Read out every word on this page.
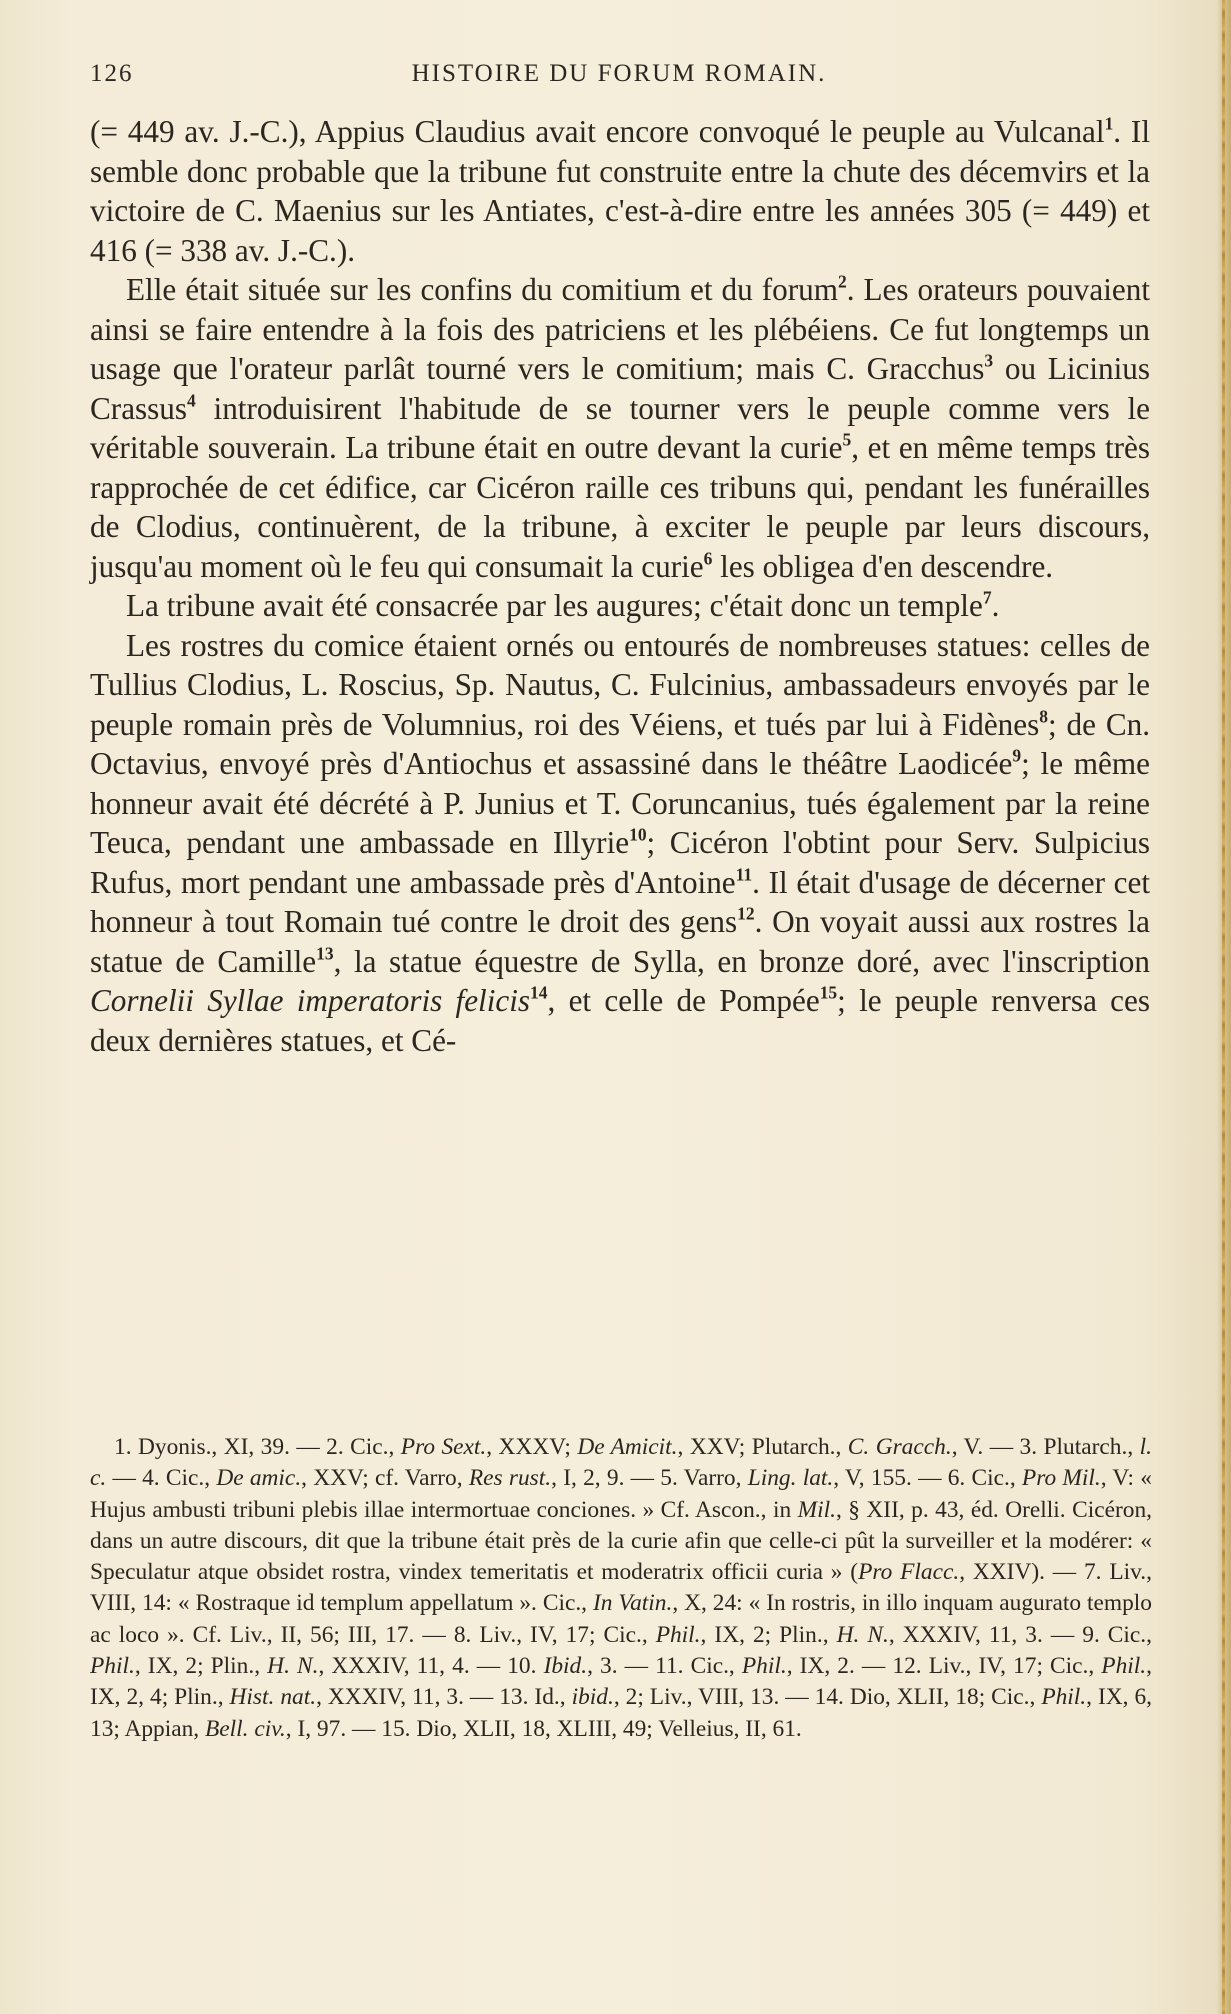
126	HISTOIRE DU FORUM ROMAIN.

(= 449 av. J.-C.), Appius Claudius avait encore convoqué le peuple au Vulcanal$^1$. Il semble donc probable que la tribune fut construite entre la chute des décemvirs et la victoire de C. Maenius sur les Antiates, c'est-à-dire entre les années 305 (= 449) et 416 (= 338 av. J.-C.).

Elle était située sur les confins du comitium et du forum$^2$. Les orateurs pouvaient ainsi se faire entendre à la fois des patriciens et les plébéiens. Ce fut longtemps un usage que l'orateur parlât tourné vers le comitium; mais C. Gracchus$^3$ ou Licinius Crassus$^4$ introduisirent l'habitude de se tourner vers le peuple comme vers le véritable souverain. La tribune était en outre devant la curie$^5$, et en même temps très rapprochée de cet édifice, car Cicéron raille ces tribuns qui, pendant les funérailles de Clodius, continuèrent, de la tribune, à exciter le peuple par leurs discours, jusqu'au moment où le feu qui consumait la curie$^6$ les obligea d'en descendre.

La tribune avait été consacrée par les augures; c'était donc un temple$^7$.

Les rostres du comice étaient ornés ou entourés de nombreuses statues: celles de Tullius Clodius, L. Roscius, Sp. Nautus, C. Fulcinius, ambassadeurs envoyés par le peuple romain près de Volumnius, roi des Véiens, et tués par lui à Fidènes$^8$; de Cn. Octavius, envoyé près d'Antiochus et assassiné dans le théâtre Laodicée$^9$; le même honneur avait été décrété à P. Junius et T. Coruncanius, tués également par la reine Teuca, pendant une ambassade en Illyrie$^{10}$; Cicéron l'obtint pour Serv. Sulpicius Rufus, mort pendant une ambassade près d'Antoine$^{11}$. Il était d'usage de décerner cet honneur à tout Romain tué contre le droit des gens$^{12}$. On voyait aussi aux rostres la statue de Camille$^{13}$, la statue équestre de Sylla, en bronze doré, avec l'inscription Cornelii Syllae imperatoris felicis$^{14}$, et celle de Pompée$^{15}$; le peuple renversa ces deux dernières statues, et Cé-

1. Dyonis., XI, 39. — 2. Cic., Pro Sext., XXXV; De Amicit., XXV; Plutarch., C. Gracch., V. — 3. Plutarch., l. c. — 4. Cic., De amic., XXV; cf. Varro, Res rust., I, 2, 9. — 5. Varro, Ling. lat., V, 155. — 6. Cic., Pro Mil., V: « Hujus ambusti tribuni plebis illae intermortuae conciones. » Cf. Ascon., in Mil., § XII, p. 43, éd. Orelli. Cicéron, dans un autre discours, dit que la tribune était près de la curie afin que celle-ci pût la surveiller et la modérer: « Speculatur atque obsidet rostra, vindex temeritatis et moderatrix officii curia » (Pro Flacc., XXIV). — 7. Liv., VIII, 14: « Rostraque id templum appellatum ». Cic., In Vatin., X, 24: « In rostris, in illo inquam augurato templo ac loco ». Cf. Liv., II, 56; III, 17. — 8. Liv., IV, 17; Cic., Phil., IX, 2; Plin., H. N., XXXIV, 11, 3. — 9. Cic., Phil., IX, 2; Plin., H. N., XXXIV, 11, 4. — 10. Ibid., 3. — 11. Cic., Phil., IX, 2. — 12. Liv., IV, 17; Cic., Phil., IX, 2, 4; Plin., Hist. nat., XXXIV, 11, 3. — 13. Id., ibid., 2; Liv., VIII, 13. — 14. Dio, XLII, 18; Cic., Phil., IX, 6, 13; Appian, Bell. civ., I, 97. — 15. Dio, XLII, 18, XLIII, 49; Velleius, II, 61.
